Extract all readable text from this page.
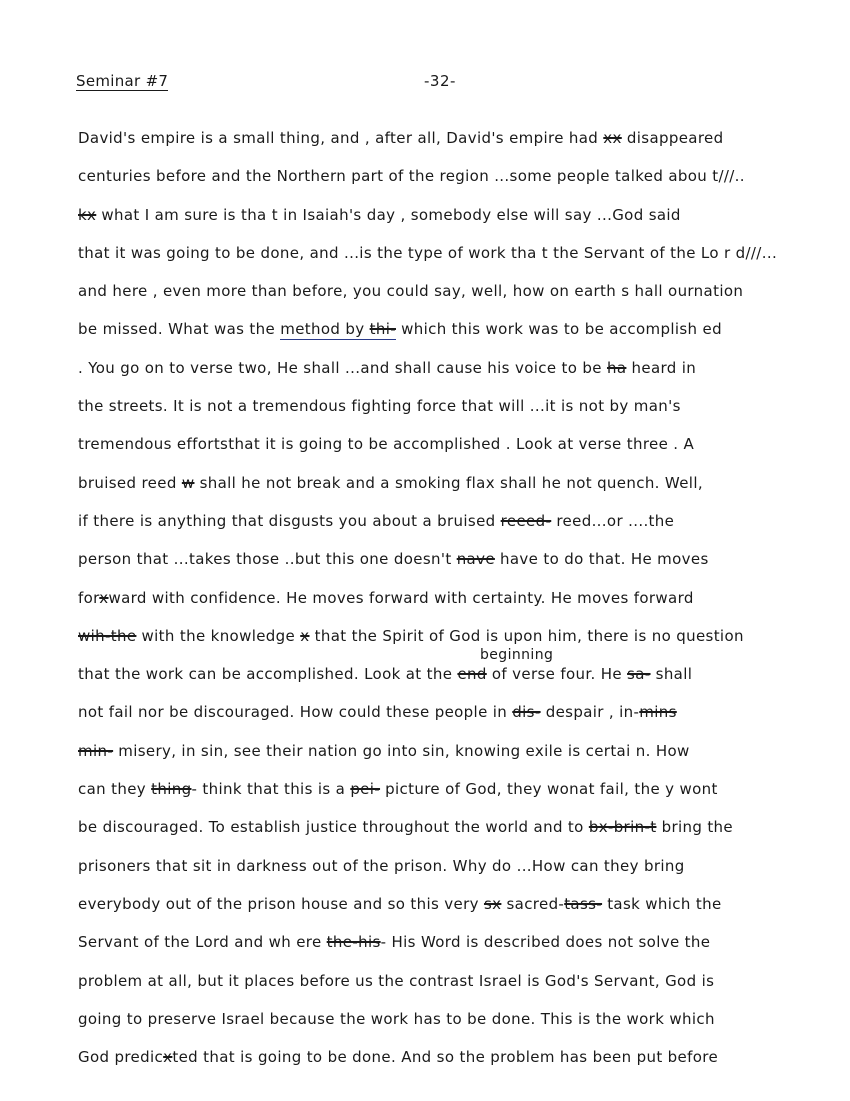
Seminar #7	-32-
David's empire is a small thing, and , after all, David's empire had xx disappeared
centuries before and the Northern part of the region ...some people talked abou t///..
kx what I am sure is tha t in Isaiah's day , somebody else will say ...God said
that it was going to be done, and ...is the type of work tha t the Servant of the Lo r d///...
and here , even more than before, you could say, well, how on earth s hall ournation
be missed. What was the method by thi- which this work was to be accomplish ed
. You go on to verse two, He shall ...and shall cause his voice to be ha heard in
the streets. It is not a tremendous fighting force that will ...it is not by man's
tremendous effortsthat it is going to be accomplished . Look at verse three . A
bruised reed w shall he not break and a smoking flax shall he not quench. Well,
if there is anything that disgusts you about a bruised reeed- reed...or ....the
person that ...takes those ..but this one doesn't nave have to do that. He moves
forxward with confidence. He moves forward with certainty. He moves forward
wih-the with the knowledge x that the Spirit of God is upon him, there is no question
that the work can be accomplished. Look at the end of verse four. He sa- shall
beginning
not fail nor be discouraged. How could these people in dis- despair , in-mins
min- misery, in sin, see their nation go into sin, knowing exile is certai n. How
can they thing- think that this is a pei- picture of God, they wonat fail, the y wont
be discouraged. To establish justice throughout the world and to bx-brin-t bring the
prisoners that sit in darkness out of the prison. Why do ...How can they bring
everybody out of the prison house and so this very sx sacred-tass- task which the
Servant of the Lord and wh ere the-his- His Word is described does not solve the
problem at all, but it places before us the contrast Israel is God's Servant, God is
going to preserve Israel because the work has to be done. This is the work which
God predicxted that is going to be done. And so the problem has been put before
